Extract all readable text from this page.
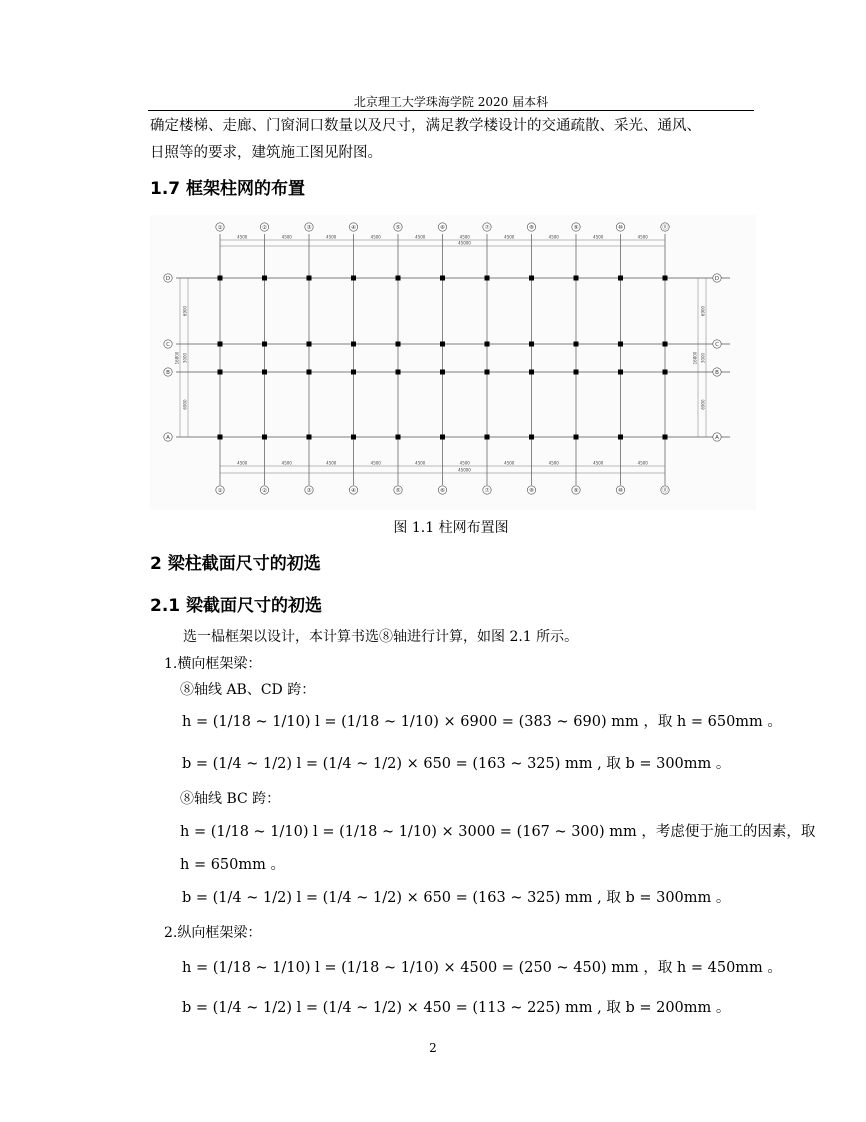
北京理工大学珠海学院 2020 届本科
确定楼梯、走廊、门窗洞口数量以及尺寸，满足教学楼设计的交通疏散、采光、通风、
日照等的要求，建筑施工图见附图。
1.7 框架柱网的布置
①
①
②
②
③
③
④
④
⑤
⑤
⑥
⑥
⑦
⑦
⑧
⑧
⑨
⑨
⑩
⑩
⑪
⑪
D	D
C	C
B	B
A	A
4500	4500	4500	4500	4500	4500	4500	4500	4500	4500
45000
4500	4500	4500	4500	4500	4500	4500	4500	4500	4500
45000
6900
3000
6900
16800
6900
3000
6900
16800
图 1.1 柱网布置图
2 梁柱截面尺寸的初选
2.1 梁截面尺寸的初选
选一榀框架以设计，本计算书选⑧轴进行计算，如图 2.1 所示。
1.横向框架梁：
⑧轴线 AB、CD 跨：
h = (1/18 ~ 1/10) l = (1/18 ~ 1/10) × 6900 = (383 ~ 690) mm ，取 h = 650mm 。
b = (1/4 ~ 1/2) l = (1/4 ~ 1/2) × 650 = (163 ~ 325) mm , 取 b = 300mm 。
⑧轴线 BC 跨：
h = (1/18 ~ 1/10) l = (1/18 ~ 1/10) × 3000 = (167 ~ 300) mm ，考虑便于施工的因素，取
h = 650mm 。
b = (1/4 ~ 1/2) l = (1/4 ~ 1/2) × 650 = (163 ~ 325) mm , 取 b = 300mm 。
2.纵向框架梁：
h = (1/18 ~ 1/10) l = (1/18 ~ 1/10) × 4500 = (250 ~ 450) mm ，取 h = 450mm 。
b = (1/4 ~ 1/2) l = (1/4 ~ 1/2) × 450 = (113 ~ 225) mm , 取 b = 200mm 。
2
